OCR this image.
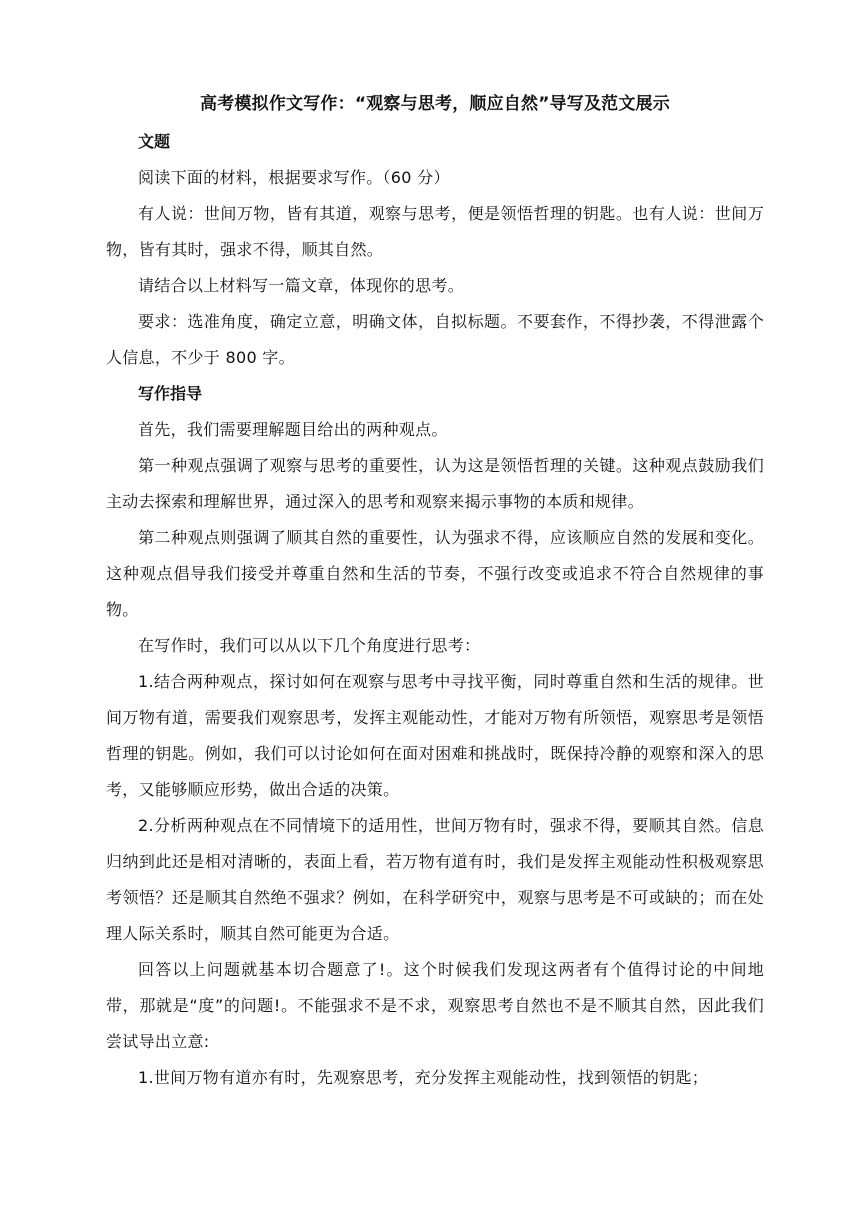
高考模拟作文写作：“观察与思考，顺应自然”导写及范文展示

文题

阅读下面的材料，根据要求写作。（60 分）

有人说：世间万物，皆有其道，观察与思考，便是领悟哲理的钥匙。也有人说：世间万物，皆有其时，强求不得，顺其自然。

请结合以上材料写一篇文章，体现你的思考。

要求：选准角度，确定立意，明确文体，自拟标题。不要套作，不得抄袭，不得泄露个人信息，不少于 800 字。

写作指导

首先，我们需要理解题目给出的两种观点。

第一种观点强调了观察与思考的重要性，认为这是领悟哲理的关键。这种观点鼓励我们主动去探索和理解世界，通过深入的思考和观察来揭示事物的本质和规律。

第二种观点则强调了顺其自然的重要性，认为强求不得，应该顺应自然的发展和变化。这种观点倡导我们接受并尊重自然和生活的节奏，不强行改变或追求不符合自然规律的事物。

在写作时，我们可以从以下几个角度进行思考：

1.结合两种观点，探讨如何在观察与思考中寻找平衡，同时尊重自然和生活的规律。世间万物有道，需要我们观察思考，发挥主观能动性，才能对万物有所领悟，观察思考是领悟哲理的钥匙。例如，我们可以讨论如何在面对困难和挑战时，既保持冷静的观察和深入的思考，又能够顺应形势，做出合适的决策。

2.分析两种观点在不同情境下的适用性，世间万物有时，强求不得，要顺其自然。信息归纳到此还是相对清晰的，表面上看，若万物有道有时，我们是发挥主观能动性积极观察思考领悟？还是顺其自然绝不强求？例如，在科学研究中，观察与思考是不可或缺的；而在处理人际关系时，顺其自然可能更为合适。

回答以上问题就基本切合题意了!。这个时候我们发现这两者有个值得讨论的中间地带，那就是“度”的问题!。不能强求不是不求，观察思考自然也不是不顺其自然，因此我们尝试导出立意:

1.世间万物有道亦有时，先观察思考，充分发挥主观能动性，找到领悟的钥匙；
